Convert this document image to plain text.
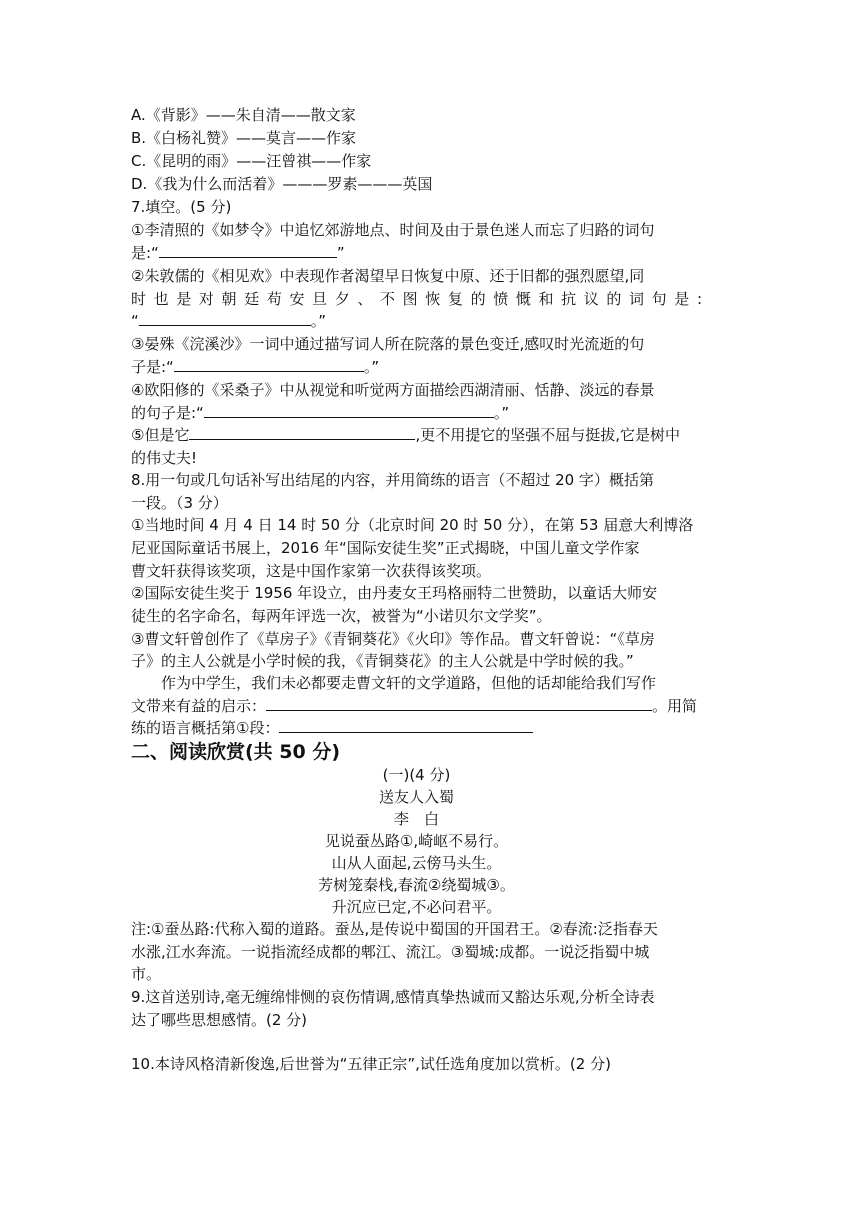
A.《背影》——朱自清——散文家
B.《白杨礼赞》——莫言——作家
C.《昆明的雨》——汪曾祺——作家
D.《我为什么而活着》———罗素———英国
7.填空。(5 分)
①李清照的《如梦令》中追忆郊游地点、时间及由于景色迷人而忘了归路的词句
是:“	”
②朱敦儒的《相见欢》中表现作者渴望早日恢复中原、还于旧都的强烈愿望,同
时也是对朝廷苟安旦夕、不图恢复的愤慨和抗议的词句是:
“	。”
③晏殊《浣溪沙》一词中通过描写词人所在院落的景色变迁,感叹时光流逝的句
子是:“	。”
④欧阳修的《采桑子》中从视觉和听觉两方面描绘西湖清丽、恬静、淡远的春景
的句子是:“	。”
⑤但是它	,更不用提它的坚强不屈与挺拔,它是树中
的伟丈夫!
8.用一句或几句话补写出结尾的内容，并用简练的语言（不超过 20 字）概括第
一段。（3 分）
①当地时间 4 月 4 日 14 时 50 分（北京时间 20 时 50 分），在第 53 届意大利博洛
尼亚国际童话书展上，2016 年“国际安徒生奖”正式揭晓，中国儿童文学作家
曹文轩获得该奖项，这是中国作家第一次获得该奖项。
②国际安徒生奖于 1956 年设立，由丹麦女王玛格丽特二世赞助，以童话大师安
徒生的名字命名，每两年评选一次，被誉为“小诺贝尔文学奖”。
③曹文轩曾创作了《草房子》《青铜葵花》《火印》等作品。曹文轩曾说：“《草房
子》的主人公就是小学时候的我，《青铜葵花》的主人公就是中学时候的我。”
作为中学生，我们未必都要走曹文轩的文学道路，但他的话却能给我们写作
文带来有益的启示：	。用简
练的语言概括第①段：
二、阅读欣赏(共 50 分)
(一)(4 分)
送友人入蜀
李　白
见说蚕丛路①,崎岖不易行。
山从人面起,云傍马头生。
芳树笼秦栈,春流②绕蜀城③。
升沉应已定,不必问君平。
注:①蚕丛路:代称入蜀的道路。蚕丛,是传说中蜀国的开国君王。②春流:泛指春天
水涨,江水奔流。一说指流经成都的郫江、流江。③蜀城:成都。一说泛指蜀中城
市。
9.这首送别诗,毫无缠绵悱恻的哀伤情调,感情真挚热诚而又豁达乐观,分析全诗表
达了哪些思想感情。(2 分)
10.本诗风格清新俊逸,后世誉为“五律正宗”,试任选角度加以赏析。(2 分)
